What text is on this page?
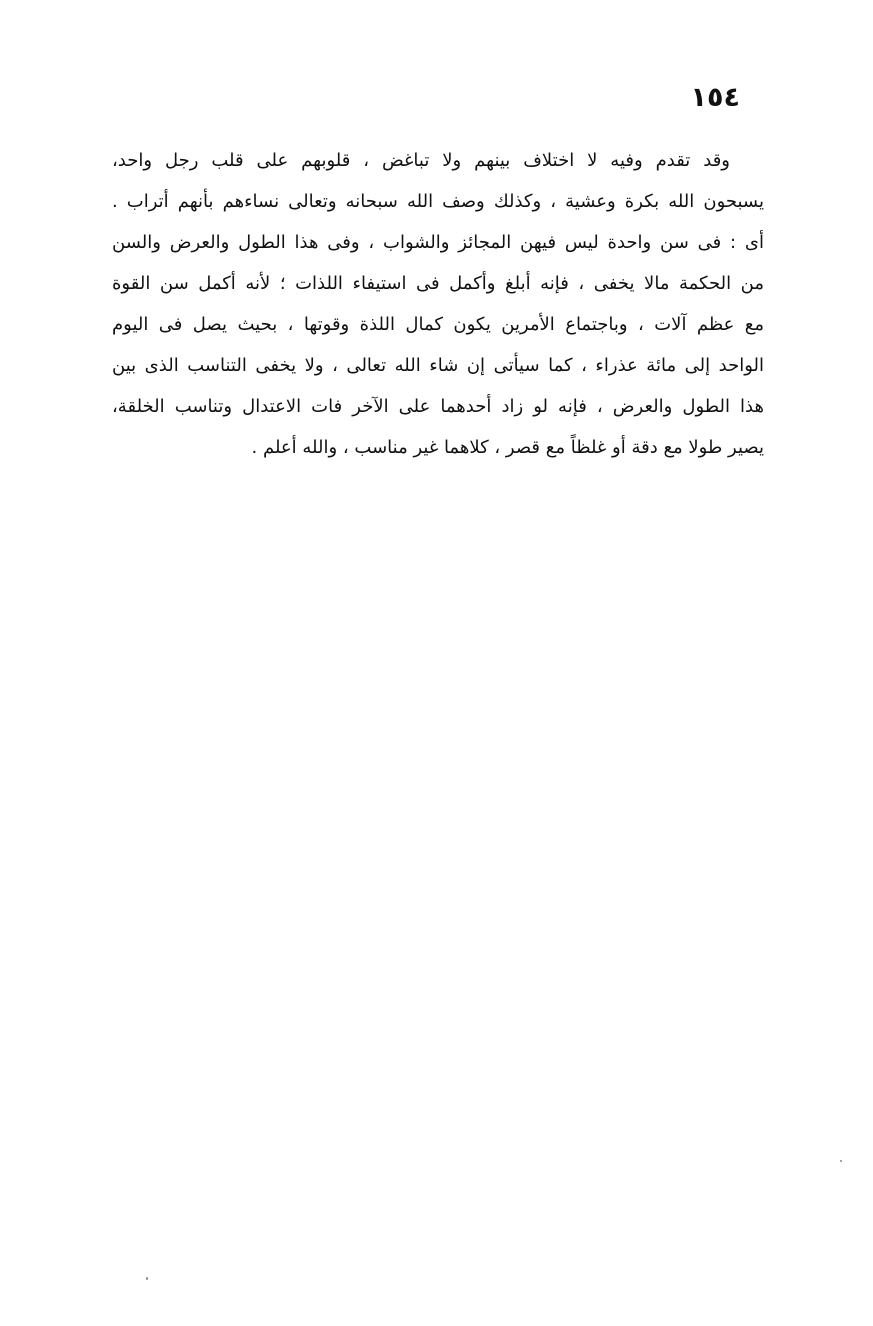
١٥٤
وقد تقدم وفيه لا اختلاف بينهم ولا تباغض ، قلوبهم على قلب رجل واحد،
يسبحون الله بكرة وعشية ، وكذلك وصف الله سبحانه وتعالى نساءهم بأنهم أتراب .
أى : فى سن واحدة ليس فيهن المجائز والشواب ، وفى هذا الطول والعرض والسن
من الحكمة مالا يخفى ، فإنه أبلغ وأكمل فى استيفاء اللذات ؛ لأنه أكمل سن القوة
مع عظم آلات ، وباجتماع الأمرين يكون كمال اللذة وقوتها ، بحيث يصل فى اليوم
الواحد إلى مائة عذراء ، كما سيأتى إن شاء الله تعالى ، ولا يخفى التناسب الذى بين
هذا الطول والعرض ، فإنه لو زاد أحدهما على الآخر فات الاعتدال وتناسب الخلقة،
يصير طولا مع دقة أو غلظاً مع قصر ، كلاهما غير مناسب ، والله أعلم .
